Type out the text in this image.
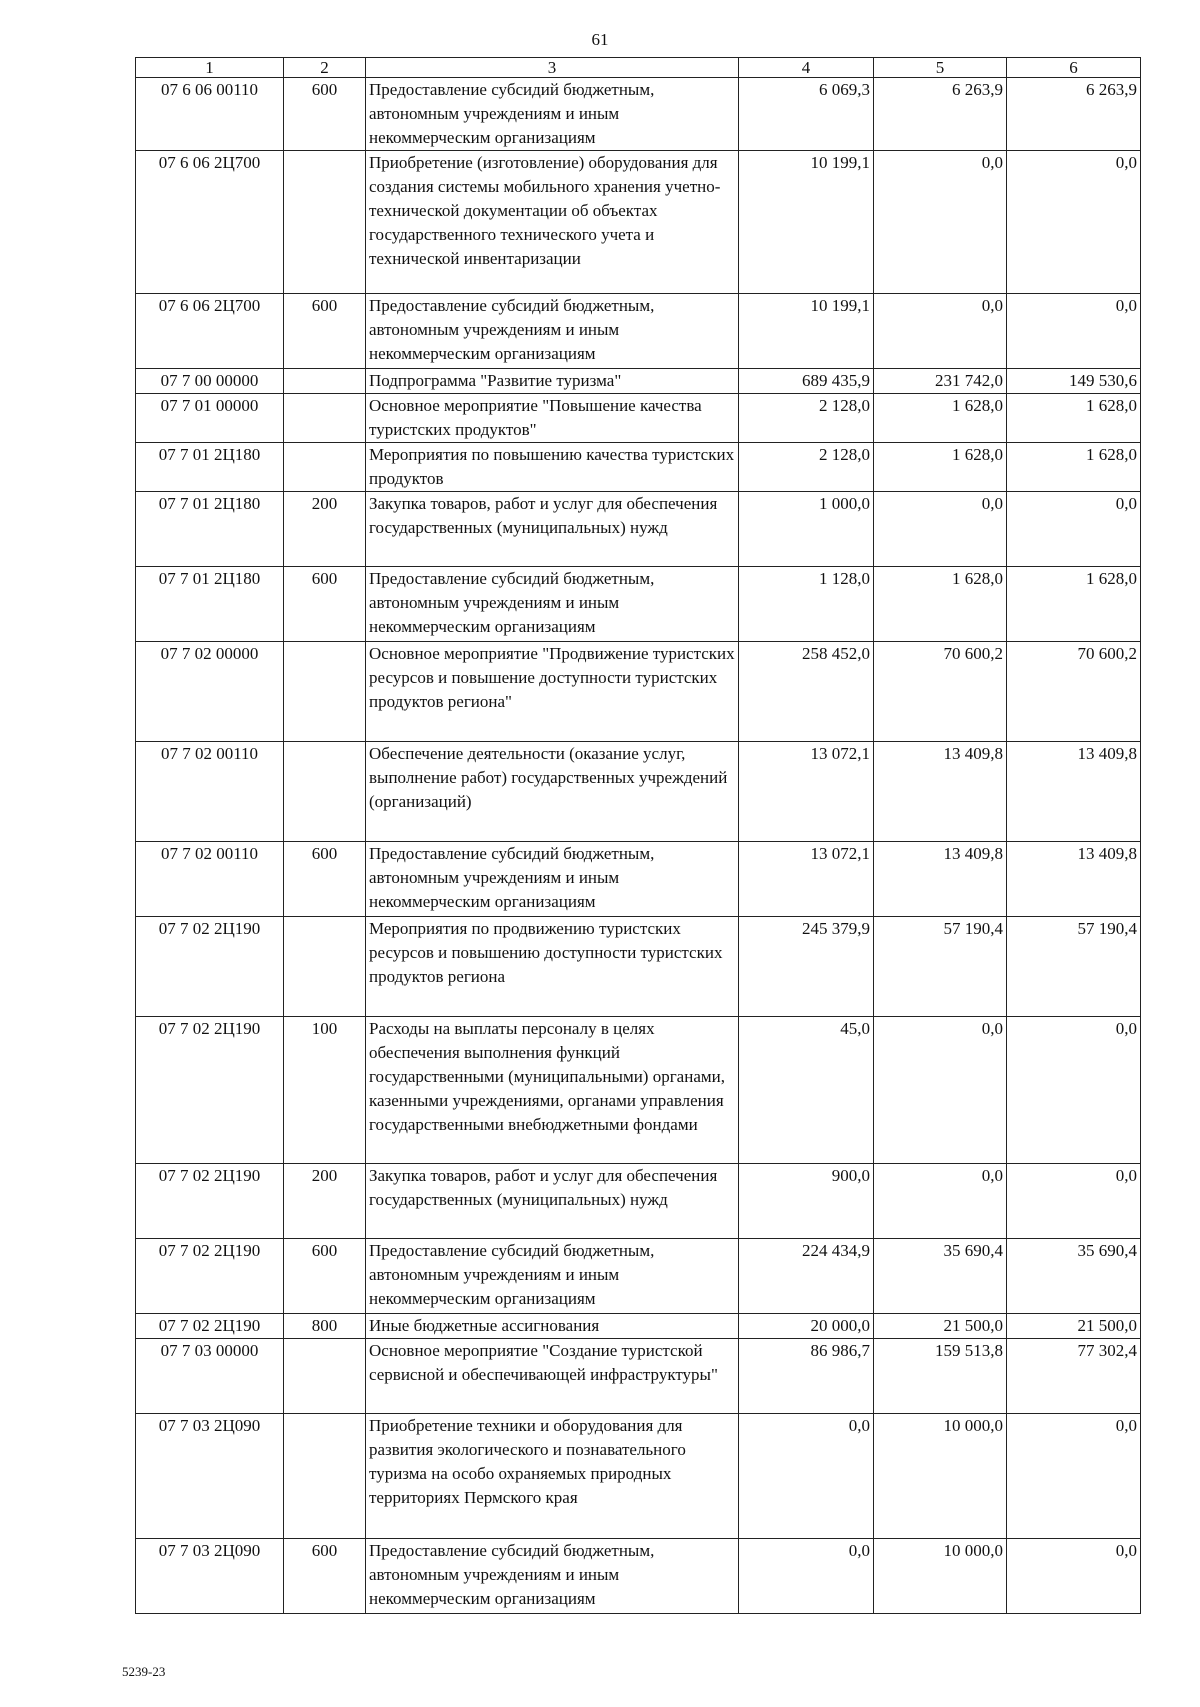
61
1	2	3	4	5	6
07 6 06 00110	600	Предоставление субсидий бюджетным, автономным учреждениям и иным некоммерческим организациям	6 069,3	6 263,9	6 263,9
07 6 06 2Ц700		Приобретение (изготовление) оборудования для создания системы мобильного хранения учетно-технической документации об объектах государственного технического учета и технической инвентаризации	10 199,1	0,0	0,0
07 6 06 2Ц700	600	Предоставление субсидий бюджетным, автономным учреждениям и иным некоммерческим организациям	10 199,1	0,0	0,0
07 7 00 00000		Подпрограмма "Развитие туризма"	689 435,9	231 742,0	149 530,6
07 7 01 00000		Основное мероприятие "Повышение качества туристских продуктов"	2 128,0	1 628,0	1 628,0
07 7 01 2Ц180		Мероприятия по повышению качества туристских продуктов	2 128,0	1 628,0	1 628,0
07 7 01 2Ц180	200	Закупка товаров, работ и услуг для обеспечения государственных (муниципальных) нужд	1 000,0	0,0	0,0
07 7 01 2Ц180	600	Предоставление субсидий бюджетным, автономным учреждениям и иным некоммерческим организациям	1 128,0	1 628,0	1 628,0
07 7 02 00000		Основное мероприятие "Продвижение туристских ресурсов и повышение доступности туристских продуктов региона"	258 452,0	70 600,2	70 600,2
07 7 02 00110		Обеспечение деятельности (оказание услуг, выполнение работ) государственных учреждений (организаций)	13 072,1	13 409,8	13 409,8
07 7 02 00110	600	Предоставление субсидий бюджетным, автономным учреждениям и иным некоммерческим организациям	13 072,1	13 409,8	13 409,8
07 7 02 2Ц190		Мероприятия по продвижению туристских ресурсов и повышению доступности туристских продуктов региона	245 379,9	57 190,4	57 190,4
07 7 02 2Ц190	100	Расходы на выплаты персоналу в целях обеспечения выполнения функций государственными (муниципальными) органами, казенными учреждениями, органами управления государственными внебюджетными фондами	45,0	0,0	0,0
07 7 02 2Ц190	200	Закупка товаров, работ и услуг для обеспечения государственных (муниципальных) нужд	900,0	0,0	0,0
07 7 02 2Ц190	600	Предоставление субсидий бюджетным, автономным учреждениям и иным некоммерческим организациям	224 434,9	35 690,4	35 690,4
07 7 02 2Ц190	800	Иные бюджетные ассигнования	20 000,0	21 500,0	21 500,0
07 7 03 00000		Основное мероприятие "Создание туристской сервисной и обеспечивающей инфраструктуры"	86 986,7	159 513,8	77 302,4
07 7 03 2Ц090		Приобретение техники и оборудования для развития экологического и познавательного туризма на особо охраняемых природных территориях Пермского края	0,0	10 000,0	0,0
07 7 03 2Ц090	600	Предоставление субсидий бюджетным, автономным учреждениям и иным некоммерческим организациям	0,0	10 000,0	0,0
5239-23
